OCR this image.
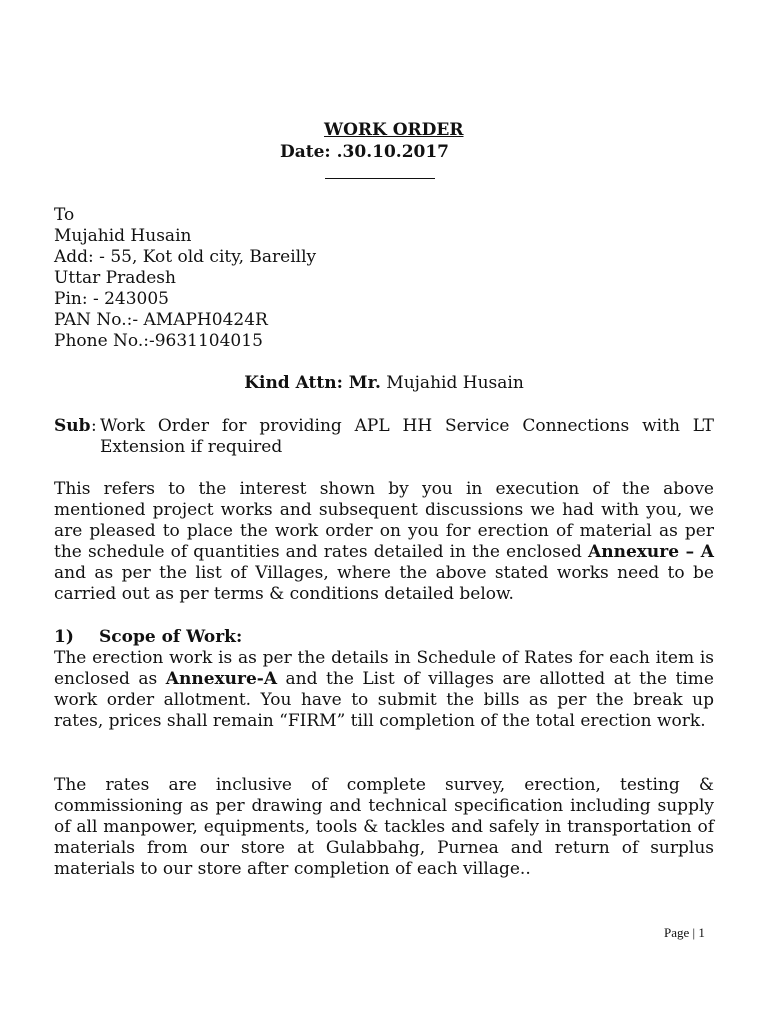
WORK ORDER
Date: .30.10.2017
To
Mujahid Husain
Add: - 55, Kot old city, Bareilly
Uttar Pradesh
Pin: - 243005
PAN No.:- AMAPH0424R
Phone No.:-9631104015
Kind Attn: Mr. Mujahid Husain
Sub : Work Order for providing APL HH Service Connections with LT Extension if required
This refers to the interest shown by you in execution of the above mentioned project works and subsequent discussions we had with you, we are pleased to place the work order on you for erection of material as per the schedule of quantities and rates detailed in the enclosed Annexure – A and as per the list of Villages, where the above stated works need to be carried out as per terms & conditions detailed below.
1) Scope of Work:
The erection work is as per the details in Schedule of Rates for each item is enclosed as Annexure-A and the List of villages are allotted at the time work order allotment. You have to submit the bills as per the break up rates, prices shall remain “FIRM” till completion of the total erection work.
The rates are inclusive of complete survey, erection, testing & commissioning as per drawing and technical specification including supply of all manpower, equipments, tools & tackles and safely in transportation of materials from our store at Gulabbahg, Purnea and return of surplus materials to our store after completion of each village..
Page | 1
